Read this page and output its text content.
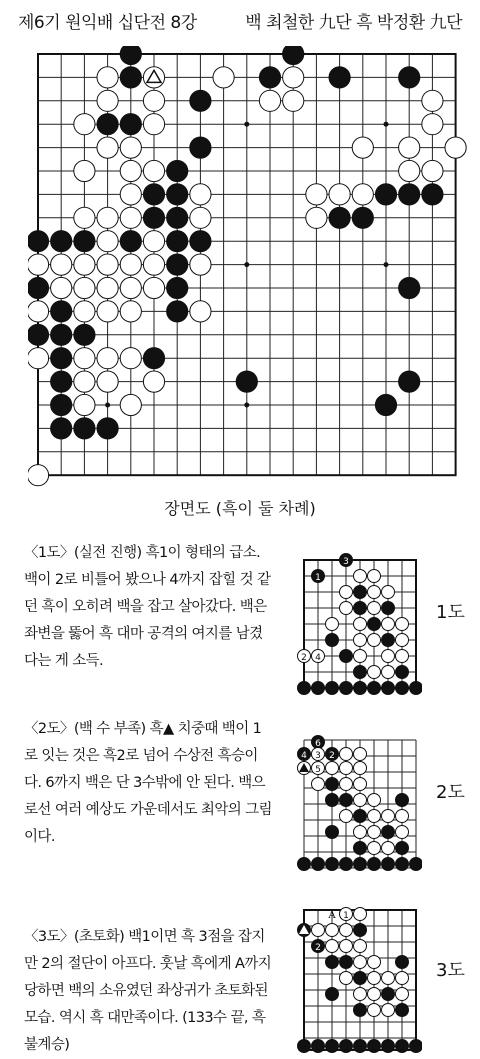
제6기 원익배 십단전 8강	백 최철한 九단 흑 박정환 九단
장면도 (흑이 둘 차례)
〈1도〉(실전 진행) 흑1이 형태의 급소. 백이 2로 비틀어 봤으나 4까지 잡힐 것 같던 흑이 오히려 백을 잡고 살아갔다. 백은 좌변을 뚫어 흑 대마 공격의 여지를 남겼다는 게 소득.
〈2도〉(백 수 부족) 흑▲ 치중때 백이 1로 잇는 것은 흑2로 넘어 수상전 흑승이다. 6까지 백은 단 3수밖에 안 된다. 백으로선 여러 예상도 가운데서도 최악의 그림이다.
〈3도〉(초토화) 백1이면 흑 3점을 잡지만 2의 절단이 아프다. 훗날 흑에게 A까지 당하면 백의 소유였던 좌상귀가 초토화된 모습. 역시 흑 대만족이다. (133수 끝, 흑 불계승)
3
1
2 4
1도
6
4 3 2
5
1	2도
A 1
2
3도
